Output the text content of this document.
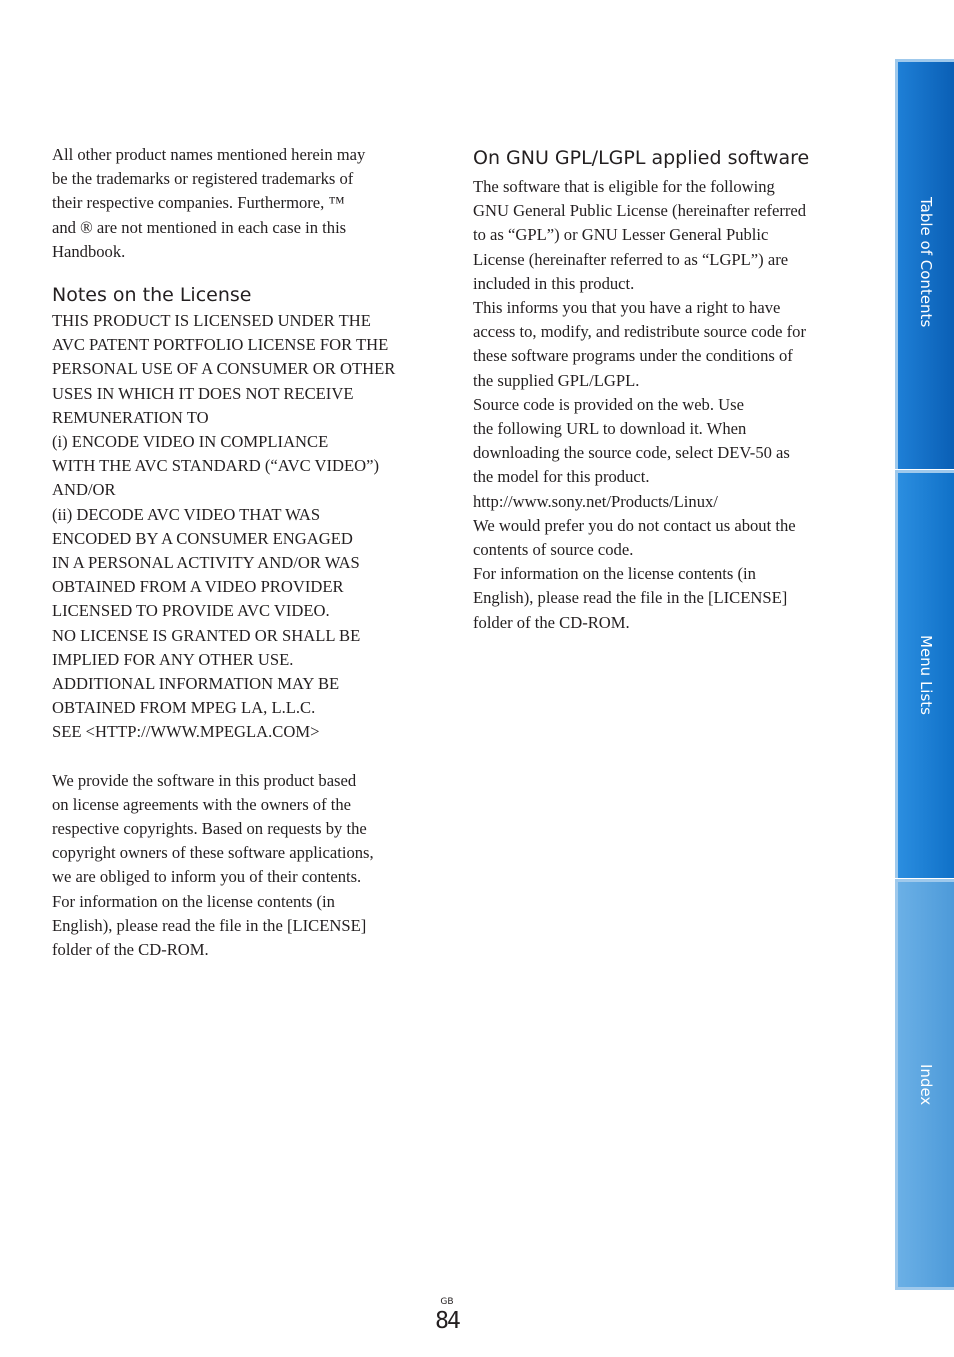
All other product names mentioned herein may
be the trademarks or registered trademarks of
their respective companies. Furthermore, ™
and ® are not mentioned in each case in this
Handbook.

Notes on the License

THIS PRODUCT IS LICENSED UNDER THE
AVC PATENT PORTFOLIO LICENSE FOR THE
PERSONAL USE OF A CONSUMER OR OTHER
USES IN WHICH IT DOES NOT RECEIVE
REMUNERATION TO
(i) ENCODE VIDEO IN COMPLIANCE
WITH THE AVC STANDARD (“AVC VIDEO”)
AND/OR
(ii) DECODE AVC VIDEO THAT WAS
ENCODED BY A CONSUMER ENGAGED
IN A PERSONAL ACTIVITY AND/OR WAS
OBTAINED FROM A VIDEO PROVIDER
LICENSED TO PROVIDE AVC VIDEO.
NO LICENSE IS GRANTED OR SHALL BE
IMPLIED FOR ANY OTHER USE.
ADDITIONAL INFORMATION MAY BE
OBTAINED FROM MPEG LA, L.L.C.
SEE <HTTP://WWW.MPEGLA.COM>

We provide the software in this product based
on license agreements with the owners of the
respective copyrights. Based on requests by the
copyright owners of these software applications,
we are obliged to inform you of their contents.
For information on the license contents (in
English), please read the file in the [LICENSE]
folder of the CD-ROM.

On GNU GPL/LGPL applied software

The software that is eligible for the following
GNU General Public License (hereinafter referred
to as “GPL”) or GNU Lesser General Public
License (hereinafter referred to as “LGPL”) are
included in this product.
This informs you that you have a right to have
access to, modify, and redistribute source code for
these software programs under the conditions of
the supplied GPL/LGPL.
Source code is provided on the web. Use
the following URL to download it. When
downloading the source code, select DEV-50 as
the model for this product.
http://www.sony.net/Products/Linux/
We would prefer you do not contact us about the
contents of source code.
For information on the license contents (in
English), please read the file in the [LICENSE]
folder of the CD-ROM.

Table of Contents
Menu Lists
Index
GB
84
